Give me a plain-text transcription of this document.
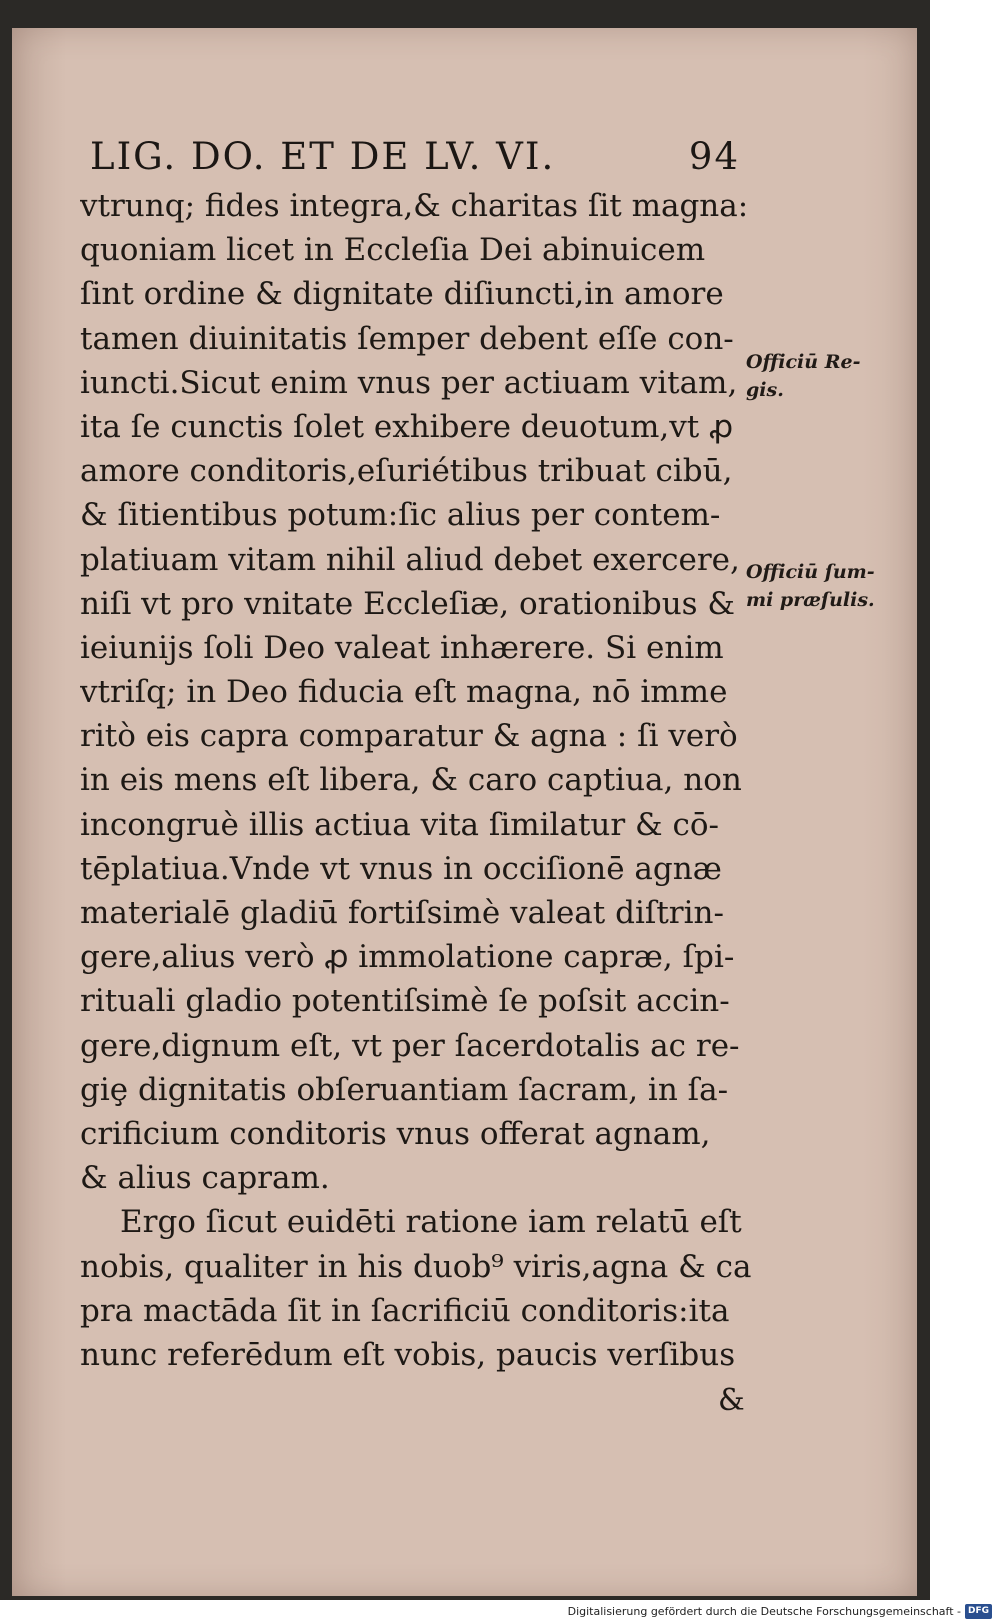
LIG. DO. ET DE LV. VI.	94
vtrunq; fides integra,& charitas ſit magna:
quoniam licet in Eccleſia Dei abinuicem
ſint ordine & dignitate diſiuncti,in amore
tamen diuinitatis ſemper debent eſſe con-
iuncti.Sicut enim vnus per actiuam vitam,
ita ſe cunctis ſolet exhibere deuotum,vt ꝓ
amore conditoris,eſuriétibus tribuat cibū,
& ſitientibus potum:ſic alius per contem-
platiuam vitam nihil aliud debet exercere,
niſi vt pro vnitate Eccleſiæ, orationibus &
ieiunijs ſoli Deo valeat inhærere. Si enim
vtriſq; in Deo fiducia eſt magna, nō imme
ritò eis capra comparatur & agna : ſi verò
in eis mens eſt libera, & caro captiua, non
incongruè illis actiua vita ſimilatur & cō-
tēplatiua.Vnde vt vnus in occiſionē agnæ
materialē gladiū fortiſsimè valeat diſtrin-
gere,alius verò ꝓ immolatione capræ, ſpi-
rituali gladio potentiſsimè ſe poſsit accin-
gere,dignum eſt, vt per ſacerdotalis ac re-
giȩ dignitatis obſeruantiam ſacram, in ſa-
crificium conditoris vnus offerat agnam,
& alius capram.
Ergo ſicut euidēti ratione iam relatū eſt
nobis, qualiter in his duob⁹ viris,agna & ca
pra mactāda ſit in ſacrificiū conditoris:ita
nunc referēdum eſt vobis, paucis verſibus
Officiū Re-
gis.
Officiū ſum-
mi præſulis.
&
Digitalisierung gefördert durch die Deutsche Forschungsgemeinschaft - DFG
